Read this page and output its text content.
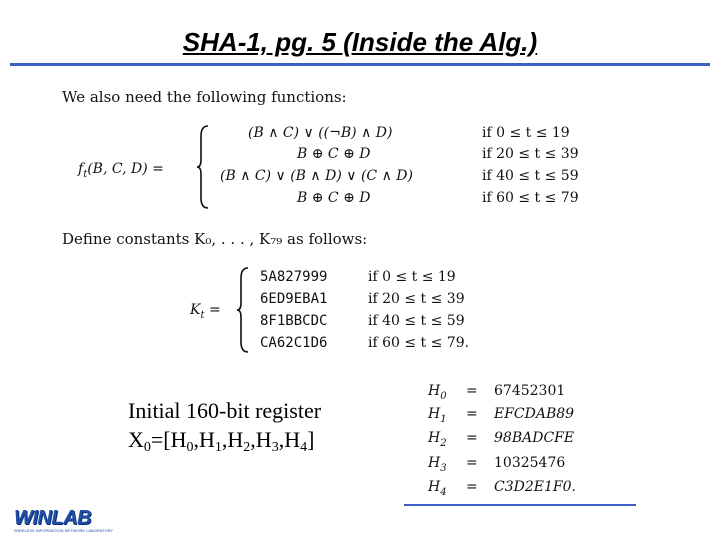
SHA-1, pg. 5 (Inside the Alg.)
We also need the following functions:
$f_t(B$, C, D) =
(B ∧ C) ∨ ((¬B) ∧ D)	if 0 ≤ t ≤ 19
B ⊕ C ⊕ D	if 20 ≤ t ≤ 39
(B ∧ C) ∨ (B ∧ D) ∨ (C ∧ D)	if 40 ≤ t ≤ 59
B ⊕ C ⊕ D	if 60 ≤ t ≤ 79
Define constants K₀, . . . , K₇₉ as follows:
$K_t$ =
5A827999	if 0 ≤ t ≤ 19
6ED9EBA1	if 20 ≤ t ≤ 39
8F1BBCDC	if 40 ≤ t ≤ 59
CA62C1D6	if 60 ≤ t ≤ 79.
Initial 160-bit register
$X_0=[H_0,H_1,H_2,H_3,H_4]$
$H_0 = 67452301$
$H_1$ = EFCDAB89
$H_2$ = 98BADCFE
$H_3 = 10325476$
$H_4 = C3D2E1F0$.
WINLAB
WIRELESS INFORMATION NETWORK LABORATORY
